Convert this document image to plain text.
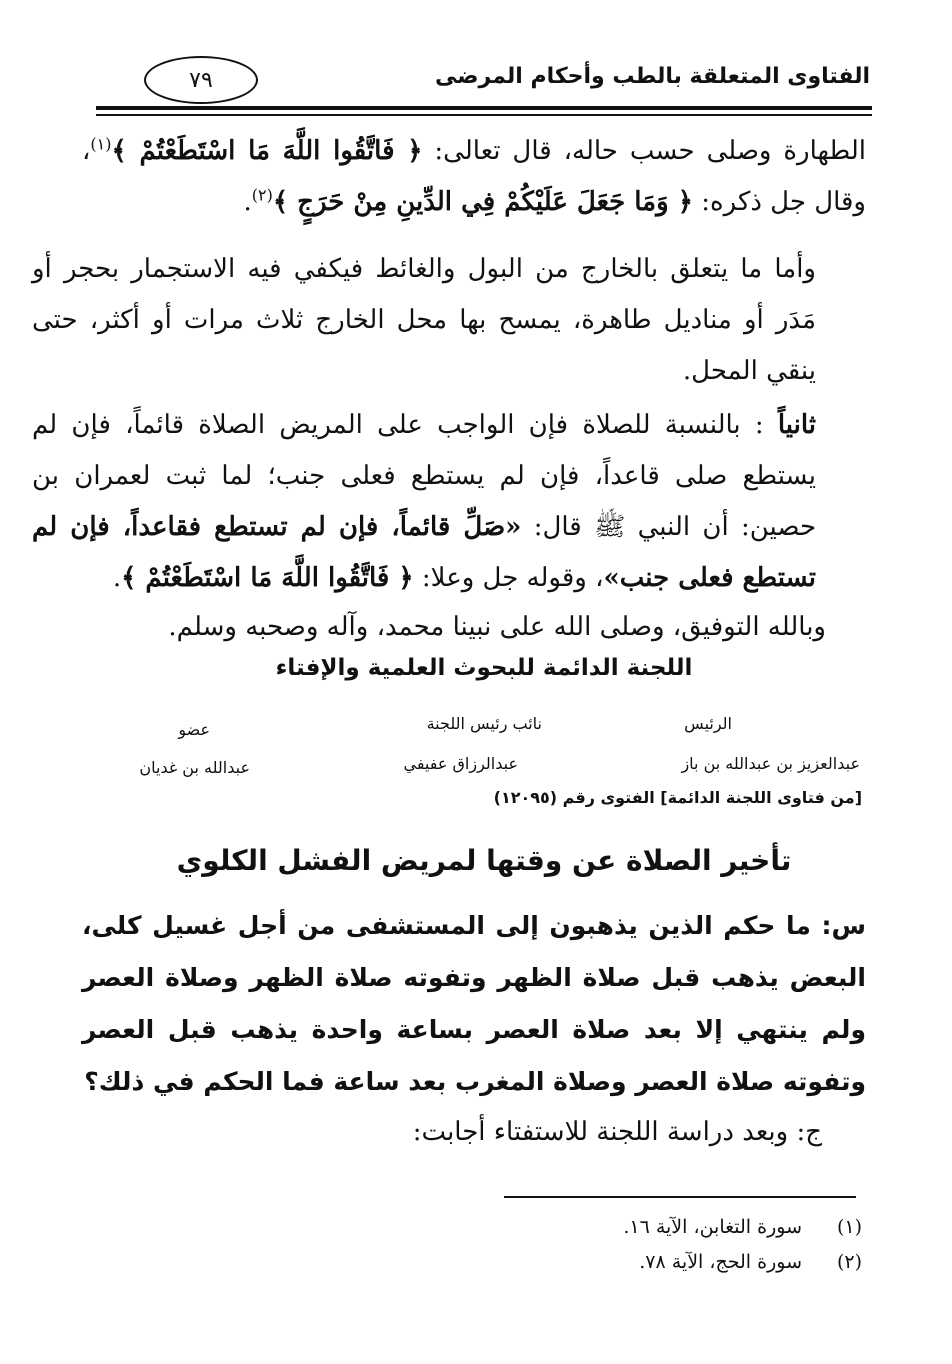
الفتاوى المتعلقة بالطب وأحكام المرضى
٧٩

الطهارة وصلى حسب حاله، قال تعالى: ﴿ فَاتَّقُوا اللَّهَ مَا اسْتَطَعْتُمْ ﴾$^{(١)}$، وقال جل ذكره: ﴿ وَمَا جَعَلَ عَلَيْكُمْ فِي الدِّينِ مِنْ حَرَجٍ ﴾$^{(٢)}$.

وأما ما يتعلق بالخارج من البول والغائط فيكفي فيه الاستجمار بحجر أو مَدَر أو مناديل طاهرة، يمسح بها محل الخارج ثلاث مرات أو أكثر، حتى ينقي المحل.

ثانياً : بالنسبة للصلاة فإن الواجب على المريض الصلاة قائماً، فإن لم يستطع صلى قاعداً، فإن لم يستطع فعلى جنب؛ لما ثبت لعمران بن حصين: أن النبي ﷺ قال: «صَلِّ قائماً، فإن لم تستطع فقاعداً، فإن لم تستطع فعلى جنب»، وقوله جل وعلا: ﴿ فَاتَّقُوا اللَّهَ مَا اسْتَطَعْتُمْ ﴾.

وبالله التوفيق، وصلى الله على نبينا محمد، وآله وصحبه وسلم.

اللجنة الدائمة للبحوث العلمية والإفتاء
الرئيس
عبدالعزيز بن عبدالله بن باز
نائب رئيس اللجنة
عبدالرزاق عفيفي
عضو
عبدالله بن غديان
[من فتاوى اللجنة الدائمة] الفتوى رقم (١٢٠٩٥)
تأخير الصلاة عن وقتها لمريض الفشل الكلوي

س: ما حكم الذين يذهبون إلى المستشفى من أجل غسيل كلى، البعض يذهب قبل صلاة الظهر وتفوته صلاة الظهر وصلاة العصر ولم ينتهي إلا بعد صلاة العصر بساعة واحدة يذهب قبل العصر وتفوته صلاة العصر وصلاة المغرب بعد ساعة فما الحكم في ذلك؟

ج: وبعد دراسة اللجنة للاستفتاء أجابت:
(١)سورة التغابن، الآية ١٦.
(٢)سورة الحج، الآية ٧٨.
